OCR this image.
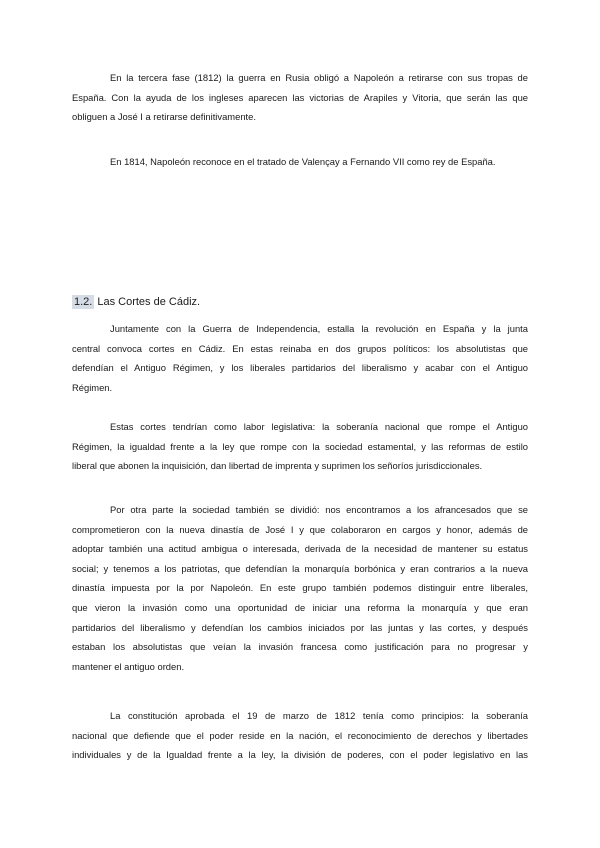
En la tercera fase (1812) la guerra en Rusia obligó a Napoleón a retirarse con sus tropas de
España. Con la ayuda de los ingleses aparecen las victorias de Arapiles y Vitoria, que serán las que
obliguen a José I a retirarse definitivamente.

En 1814, Napoleón reconoce en el tratado de Valençay a Fernando VII como rey de España.

1.2. Las Cortes de Cádiz.

Juntamente con la Guerra de Independencia, estalla la revolución en España y la junta
central convoca cortes en Cádiz. En estas reinaba en dos grupos políticos: los absolutistas que
defendían el Antiguo Régimen, y los liberales partidarios del liberalismo y acabar con el Antiguo
Régimen.

Estas cortes tendrían como labor legislativa: la soberanía nacional que rompe el Antiguo
Régimen, la igualdad frente a la ley que rompe con la sociedad estamental, y las reformas de estilo
liberal que abonen la inquisición, dan libertad de imprenta y suprimen los señoríos jurisdiccionales.

Por otra parte la sociedad también se dividió: nos encontramos a los afrancesados que se
comprometieron con la nueva dinastía de José I y que colaboraron en cargos y honor, además de
adoptar también una actitud ambigua o interesada, derivada de la necesidad de mantener su estatus
social; y tenemos a los patriotas, que defendían la monarquía borbónica y eran contrarios a la nueva
dinastía impuesta por la por Napoleón. En este grupo también podemos distinguir entre liberales,
que vieron la invasión como una oportunidad de iniciar una reforma la monarquía y que eran
partidarios del liberalismo y defendían los cambios iniciados por las juntas y las cortes, y después
estaban los absolutistas que veían la invasión francesa como justificación para no progresar y
mantener el antiguo orden.

La constitución aprobada el 19 de marzo de 1812 tenía como principios: la soberanía
nacional que defiende que el poder reside en la nación, el reconocimiento de derechos y libertades
individuales y de la Igualdad frente a la ley, la división de poderes, con el poder legislativo en las
